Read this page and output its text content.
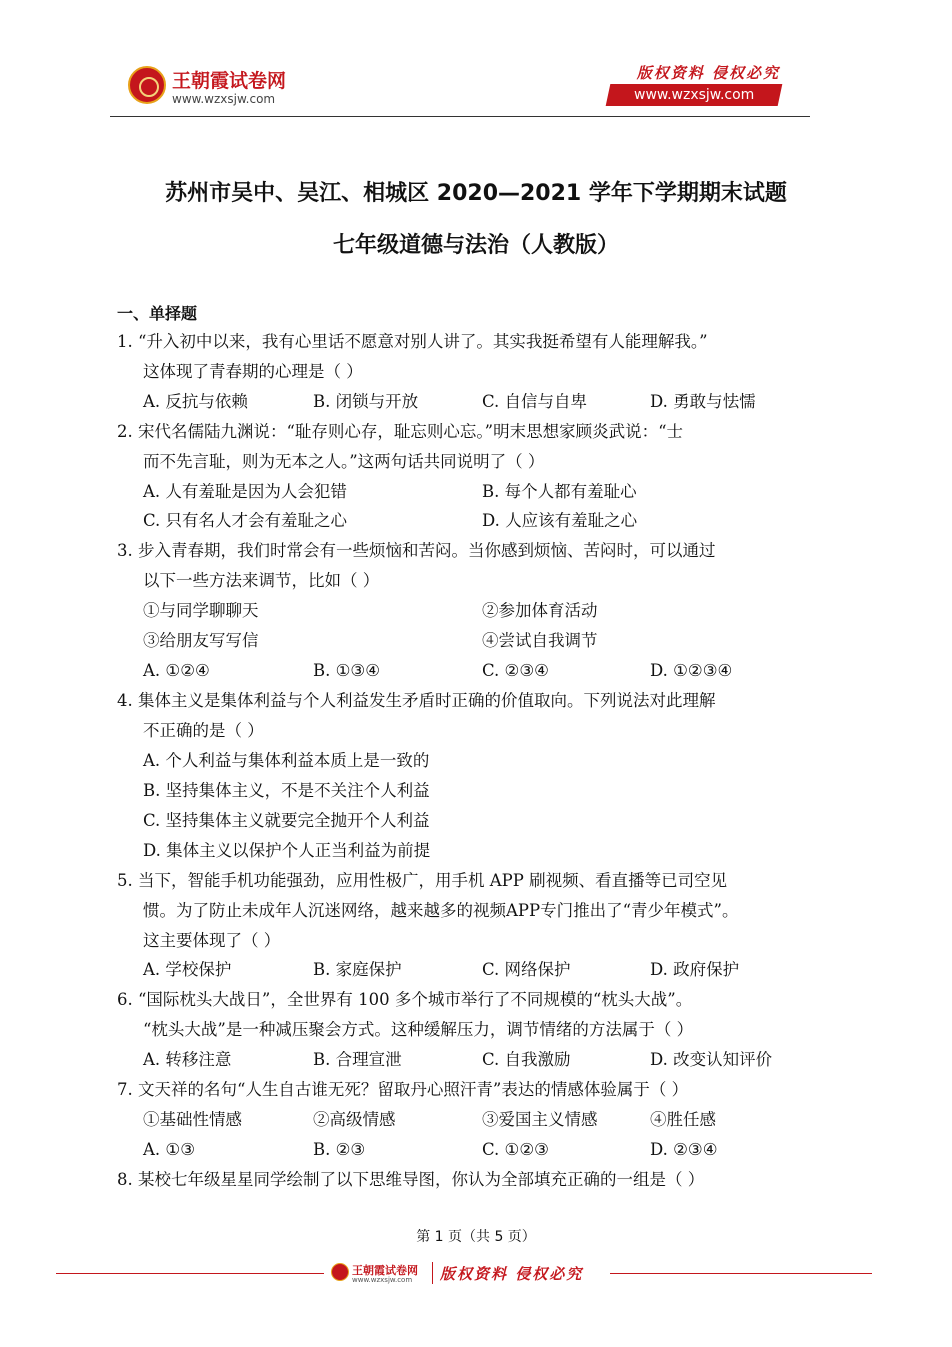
王朝霞试卷网
www.wzxsjw.com
版权资料 侵权必究
www.wzxsjw.com
苏州市吴中、吴江、相城区 2020—2021 学年下学期期末试题
七年级道德与法治（人教版）
一、单择题
1. “升入初中以来，我有心里话不愿意对别人讲了。其实我挺希望有人能理解我。”
这体现了青春期的心理是（ ）
A. 反抗与依赖	B. 闭锁与开放	C. 自信与自卑	D. 勇敢与怯懦
2. 宋代名儒陆九渊说：“耻存则心存，耻忘则心忘。”明末思想家顾炎武说：“士
而不先言耻，则为无本之人。”这两句话共同说明了（ ）
A. 人有羞耻是因为人会犯错	B. 每个人都有羞耻心
C. 只有名人才会有羞耻之心	D. 人应该有羞耻之心
3. 步入青春期，我们时常会有一些烦恼和苦闷。当你感到烦恼、苦闷时，可以通过
以下一些方法来调节，比如（ ）
①与同学聊聊天	②参加体育活动
③给朋友写写信	④尝试自我调节
A. ①②④	B. ①③④	C. ②③④	D. ①②③④
4. 集体主义是集体利益与个人利益发生矛盾时正确的价值取向。下列说法对此理解
不正确的是（ ）
A. 个人利益与集体利益本质上是一致的
B. 坚持集体主义，不是不关注个人利益
C. 坚持集体主义就要完全抛开个人利益
D. 集体主义以保护个人正当利益为前提
5. 当下，智能手机功能强劲，应用性极广，用手机 APP 刷视频、看直播等已司空见
惯。为了防止未成年人沉迷网络，越来越多的视频APP专门推出了“青少年模式”。
这主要体现了（ ）
A. 学校保护	B. 家庭保护	C. 网络保护	D. 政府保护
6. “国际枕头大战日”，全世界有 100 多个城市举行了不同规模的“枕头大战”。
“枕头大战”是一种减压聚会方式。这种缓解压力，调节情绪的方法属于（ ）
A. 转移注意	B. 合理宣泄	C. 自我激励	D. 改变认知评价
7. 文天祥的名句“人生自古谁无死？留取丹心照汗青”表达的情感体验属于（ ）
①基础性情感	②高级情感	③爱国主义情感	④胜任感
A. ①③	B. ②③	C. ①②③	D. ②③④
8. 某校七年级星星同学绘制了以下思维导图，你认为全部填充正确的一组是（ ）
第 1 页（共 5 页）
王朝霞试卷网
www.wzxsjw.com 版权资料 侵权必究
